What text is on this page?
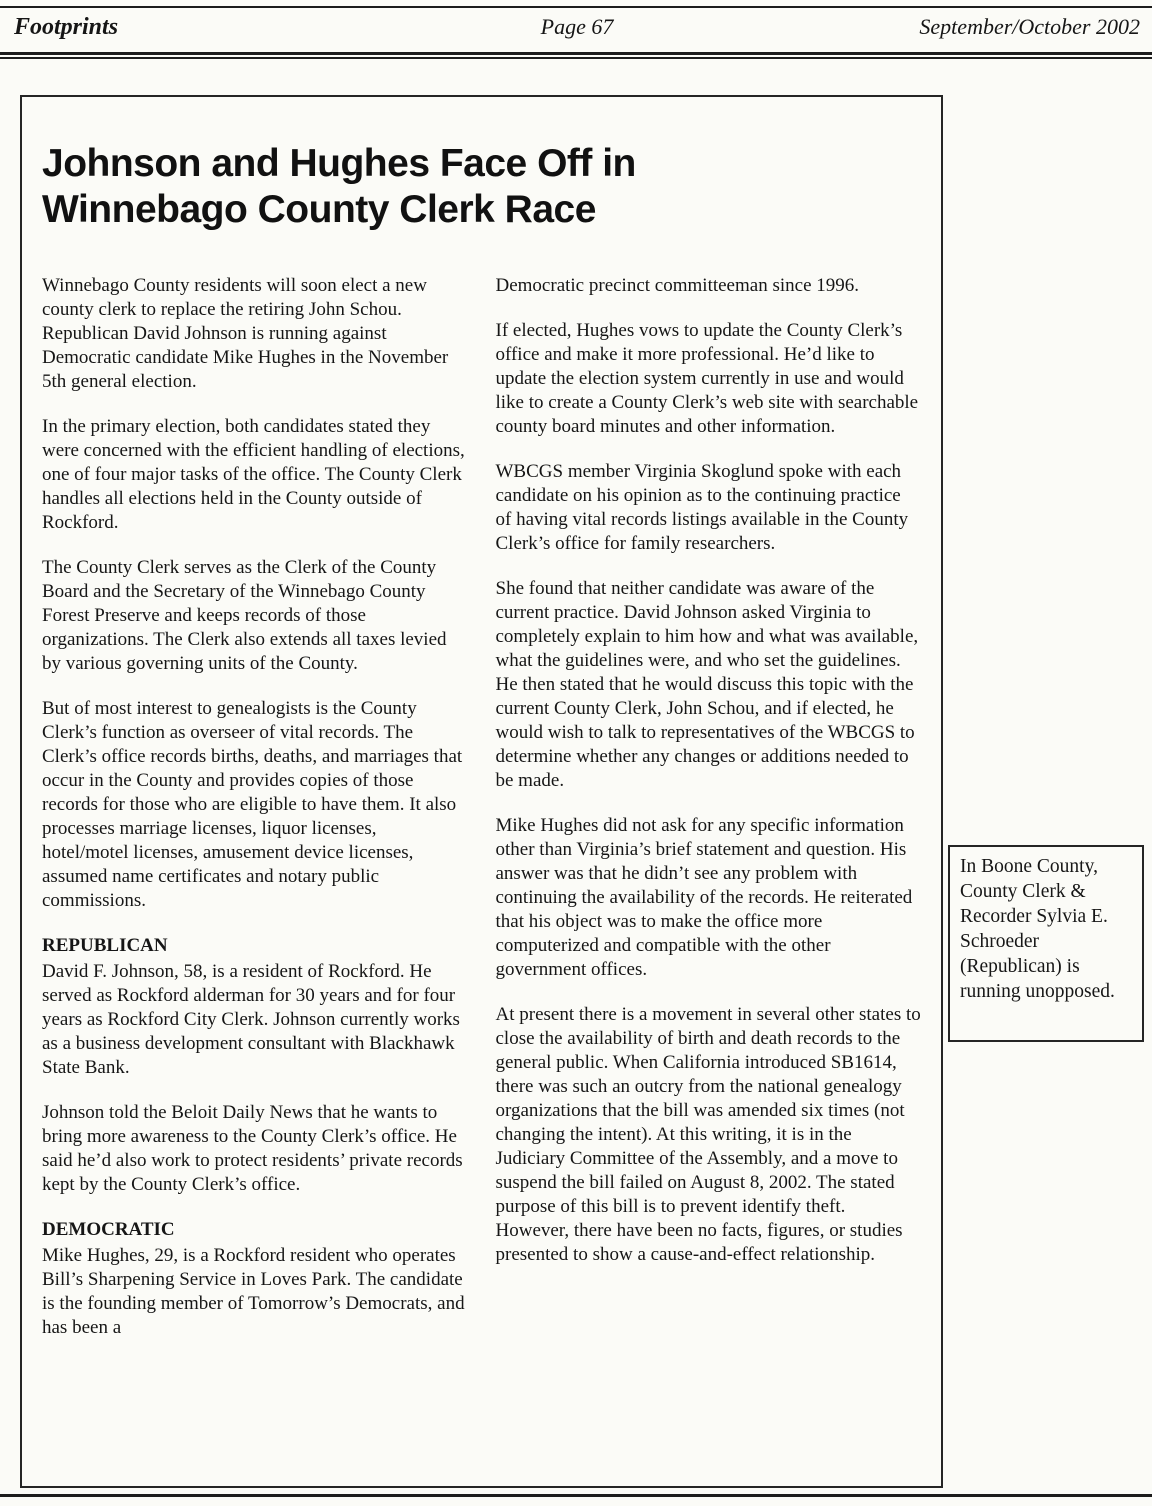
Footprints	Page 67	September/October 2002
Johnson and Hughes Face Off in Winnebago County Clerk Race

Winnebago County residents will soon elect a new county clerk to replace the retiring John Schou. Republican David Johnson is running against Democratic candidate Mike Hughes in the November 5th general election.

In the primary election, both candidates stated they were concerned with the efficient handling of elections, one of four major tasks of the office. The County Clerk handles all elections held in the County outside of Rockford.

The County Clerk serves as the Clerk of the County Board and the Secretary of the Winnebago County Forest Preserve and keeps records of those organizations. The Clerk also extends all taxes levied by various governing units of the County.

But of most interest to genealogists is the County Clerk’s function as overseer of vital records. The Clerk’s office records births, deaths, and marriages that occur in the County and provides copies of those records for those who are eligible to have them. It also processes marriage licenses, liquor licenses, hotel/motel licenses, amusement device licenses, assumed name certificates and notary public commissions.

REPUBLICAN

David F. Johnson, 58, is a resident of Rockford. He served as Rockford alderman for 30 years and for four years as Rockford City Clerk. Johnson currently works as a business development consultant with Blackhawk State Bank.

Johnson told the Beloit Daily News that he wants to bring more awareness to the County Clerk’s office. He said he’d also work to protect residents’ private records kept by the County Clerk’s office.

DEMOCRATIC

Mike Hughes, 29, is a Rockford resident who operates Bill’s Sharpening Service in Loves Park. The candidate is the founding member of Tomorrow’s Democrats, and has been a

Democratic precinct committeeman since 1996.

If elected, Hughes vows to update the County Clerk’s office and make it more professional. He’d like to update the election system currently in use and would like to create a County Clerk’s web site with searchable county board minutes and other information.

WBCGS member Virginia Skoglund spoke with each candidate on his opinion as to the continuing practice of having vital records listings available in the County Clerk’s office for family researchers.

She found that neither candidate was aware of the current practice. David Johnson asked Virginia to completely explain to him how and what was available, what the guidelines were, and who set the guidelines. He then stated that he would discuss this topic with the current County Clerk, John Schou, and if elected, he would wish to talk to representatives of the WBCGS to determine whether any changes or additions needed to be made.

Mike Hughes did not ask for any specific information other than Virginia’s brief statement and question. His answer was that he didn’t see any problem with continuing the availability of the records. He reiterated that his object was to make the office more computerized and compatible with the other government offices.

At present there is a movement in several other states to close the availability of birth and death records to the general public. When California introduced SB1614, there was such an outcry from the national genealogy organizations that the bill was amended six times (not changing the intent). At this writing, it is in the Judiciary Committee of the Assembly, and a move to suspend the bill failed on August 8, 2002. The stated purpose of this bill is to prevent identify theft. However, there have been no facts, figures, or studies presented to show a cause-and-effect relationship.

In Boone County, County Clerk & Recorder Sylvia E. Schroeder (Republican) is running unopposed.
